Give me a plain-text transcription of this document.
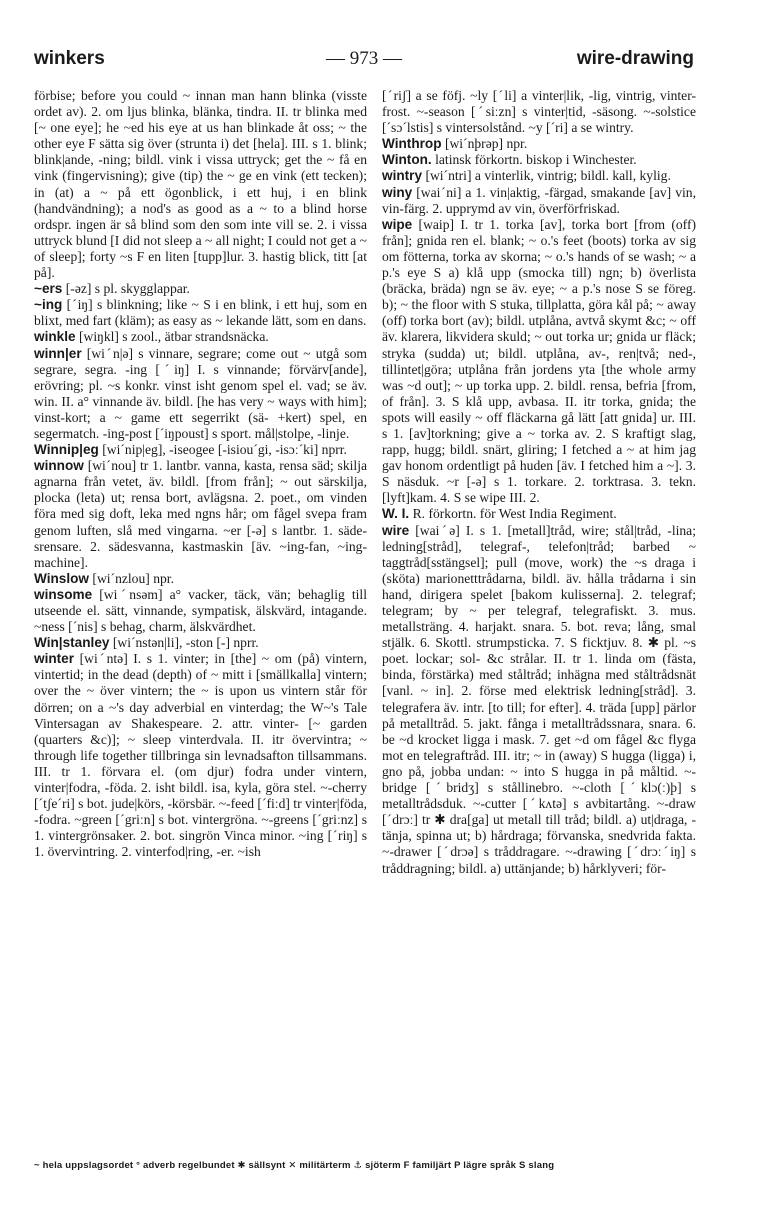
winkers	— 973 —	wire-drawing

förbise; before you could ~ innan man hann blinka (visste ordet av). 2. om ljus blinka, blänka, tindra. II. tr blinka med [~ one eye]; he ~ed his eye at us han blinkade åt oss; ~ the other eye F sätta sig över (strunta i) det [hela]. III. s 1. blink; blink|ande, -ning; bildl. vink i vissa uttryck; get the ~ få en vink (fingervisning); give (tip) the ~ ge en vink (ett tecken); in (at) a ~ på ett ögonblick, i ett huj, i en blink (handvändning); a nod's as good as a ~ to a blind horse ordspr. ingen är så blind som den som inte vill se. 2. i vissa uttryck blund [I did not sleep a ~ all night; I could not get a ~ of sleep]; forty ~s F en liten [tupp]lur. 3. hastig blick, titt [at på].

~ers [-əz] s pl. skygglappar.

~ing [ˊiŋ] s blinkning; like ~ S i en blink, i ett huj, som en blixt, med fart (kläm); as easy as ~ lekande lätt, som en dans.

winkle [wiŋkl] s zool., ätbar strandsnäcka.

winn|er [wiˊn|ə] s vinnare, segrare; come out ~ utgå som segrare, segra. -ing [ˊiŋ] I. s vinnande; förvärv[ande], erövring; pl. ~s konkr. vinst isht genom spel el. vad; se äv. win. II. a° vinnande äv. bildl. [he has very ~ ways with him]; vinst-kort; a ~ game ett segerrikt (sä- +kert) spel, en segermatch. -ing-post [ˊiŋpoust] s sport. mål|stolpe, -linje.

Winnip|eg [wiˊnip|eg], -iseogee [-isiouˊgi, -isɔːˊki] nprr.

winnow [wiˊnou] tr 1. lantbr. vanna, kasta, rensa säd; skilja agnarna från vetet, äv. bildl. [from från]; ~ out särskilja, plocka (leta) ut; rensa bort, avlägsna. 2. poet., om vinden föra med sig doft, leka med ngns hår; om fågel svepa fram genom luften, slå med vingarna. ~er [-ə] s lantbr. 1. sädesrensare. 2. sädesvanna, kastmaskin [äv. ~ing-fan, ~ing-machine].

Winslow [wiˊnzlou] npr.

winsome [wiˊnsəm] a° vacker, täck, vän; behaglig till utseende el. sätt, vinnande, sympatisk, älskvärd, intagande. ~ness [ˊnis] s behag, charm, älskvärdhet.

Win|stanley [wiˊnstən|li], -ston [-] nprr.

winter [wiˊntə] I. s 1. vinter; in [the] ~ om (på) vintern, vintertid; in the dead (depth) of ~ mitt i [smällkalla] vintern; over the ~ över vintern; the ~ is upon us vintern står för dörren; on a ~'s day adverbial en vinterdag; the W~'s Tale Vintersagan av Shakespeare. 2. attr. vinter- [~ garden (quarters &c)]; ~ sleep vinterdvala. II. itr övervintra; ~ through life together tillbringa sin levnadsafton tillsammans. III. tr 1. förvara el. (om djur) fodra under vintern, vinter|fodra, -föda. 2. isht bildl. isa, kyla, göra stel. ~-cherry [ˊtʃeˊri] s bot. jude|körs, -körsbär. ~-feed [ˊfiːd] tr vinter|föda, -fodra. ~green [ˊgriːn] s bot. vintergröna. ~-greens [ˊgriːnz] s 1. vintergrönsaker. 2. bot. singrön Vinca minor. ~ing [ˊriŋ] s 1. övervintring. 2. vinterfod|ring, -er. ~ish

[ˊriʃ] a se föfj. ~ly [ˊli] a vinter|lik, -lig, vintrig, vinter- frost. ~-season [ˊsiːzn] s vinter|tid, -säsong. ~-solstice [ˊsɔˊlstis] s vintersolstånd. ~y [ˊri] a se wintry.

Winthrop [wiˊnþrəp] npr.

Winton. latinsk förkortn. biskop i Winchester.

wintry [wiˊntri] a vinterlik, vintrig; bildl. kall, kylig.

winy [waiˊni] a 1. vin|aktig, -färgad, smakande [av] vin, vin-färg. 2. upprymd av vin, överförfriskad.

wipe [waip] I. tr 1. torka [av], torka bort [from (off) från]; gnida ren el. blank; ~ o.'s feet (boots) torka av sig om fötterna, torka av skorna; ~ o.'s hands of se wash; ~ a p.'s eye S a) klå upp (smocka till) ngn; b) överlista (bräcka, bräda) ngn se äv. eye; ~ a p.'s nose S se föreg. b); ~ the floor with S stuka, tillplatta, göra kål på; ~ away (off) torka bort (av); bildl. utplåna, avtvå skymt &c; ~ off äv. klarera, likvidera skuld; ~ out torka ur; gnida ur fläck; stryka (sudda) ut; bildl. utplåna, av-, ren|två; ned-, tillintet|göra; utplåna från jordens yta [the whole army was ~d out]; ~ up torka upp. 2. bildl. rensa, befria [from, of från]. 3. S klå upp, avbasa. II. itr torka, gnida; the spots will easily ~ off fläckarna gå lätt [att gnida] ur. III. s 1. [av]torkning; give a ~ torka av. 2. S kraftigt slag, rapp, hugg; bildl. snärt, gliring; I fetched a ~ at him jag gav honom ordentligt på huden [äv. I fetched him a ~]. 3. S näsduk. ~r [-ə] s 1. torkare. 2. torktrasa. 3. tekn. [lyft]kam. 4. S se wipe III. 2.

W. I. R. förkortn. för West India Regiment.

wire [waiˊə] I. s 1. [metall]tråd, wire; stål|tråd, -lina; ledning[stråd], telegraf-, telefon|tråd; barbed ~ taggtråd[sstängsel]; pull (move, work) the ~s draga i (sköta) marionetttrådarna, bildl. äv. hålla trådarna i sin hand, dirigera spelet [bakom kulisserna]. 2. telegraf; telegram; by ~ per telegraf, telegrafiskt. 3. mus. metallsträng. 4. harjakt. snara. 5. bot. reva; lång, smal stjälk. 6. Skottl. strumpsticka. 7. S ficktjuv. 8. ✱ pl. ~s poet. lockar; sol- &c strålar. II. tr 1. linda om (fästa, binda, förstärka) med ståltråd; inhägna med ståltrådsnät [vanl. ~ in]. 2. förse med elektrisk ledning[stråd]. 3. telegrafera äv. intr. [to till; for efter]. 4. träda [upp] pärlor på metalltråd. 5. jakt. fånga i metalltrådssnara, snara. 6. be ~d krocket ligga i mask. 7. get ~d om fågel &c flyga mot en telegraftråd. III. itr; ~ in (away) S hugga (ligga) i, gno på, jobba undan: ~ into S hugga in på måltid. ~-bridge [ˊbridʒ] s stållinebro. ~-cloth [ˊklɔ(ː)þ] s metalltrådsduk. ~-cutter [ˊkʌtə] s avbitartång. ~-draw [ˊdrɔː] tr ✱ dra[ga] ut metall till tråd; bildl. a) ut|draga, -tänja, spinna ut; b) hårdraga; förvanska, snedvrida fakta. ~-drawer [ˊdrɔə] s tråddragare. ~-drawing [ˊdrɔːˊiŋ] s tråddragning; bildl. a) uttänjande; b) hårklyveri; för-

~ hela uppslagsordet ° adverb regelbundet ✱ sällsynt ✕ militärterm ⚓ sjöterm F familjärt P lägre språk S slang
